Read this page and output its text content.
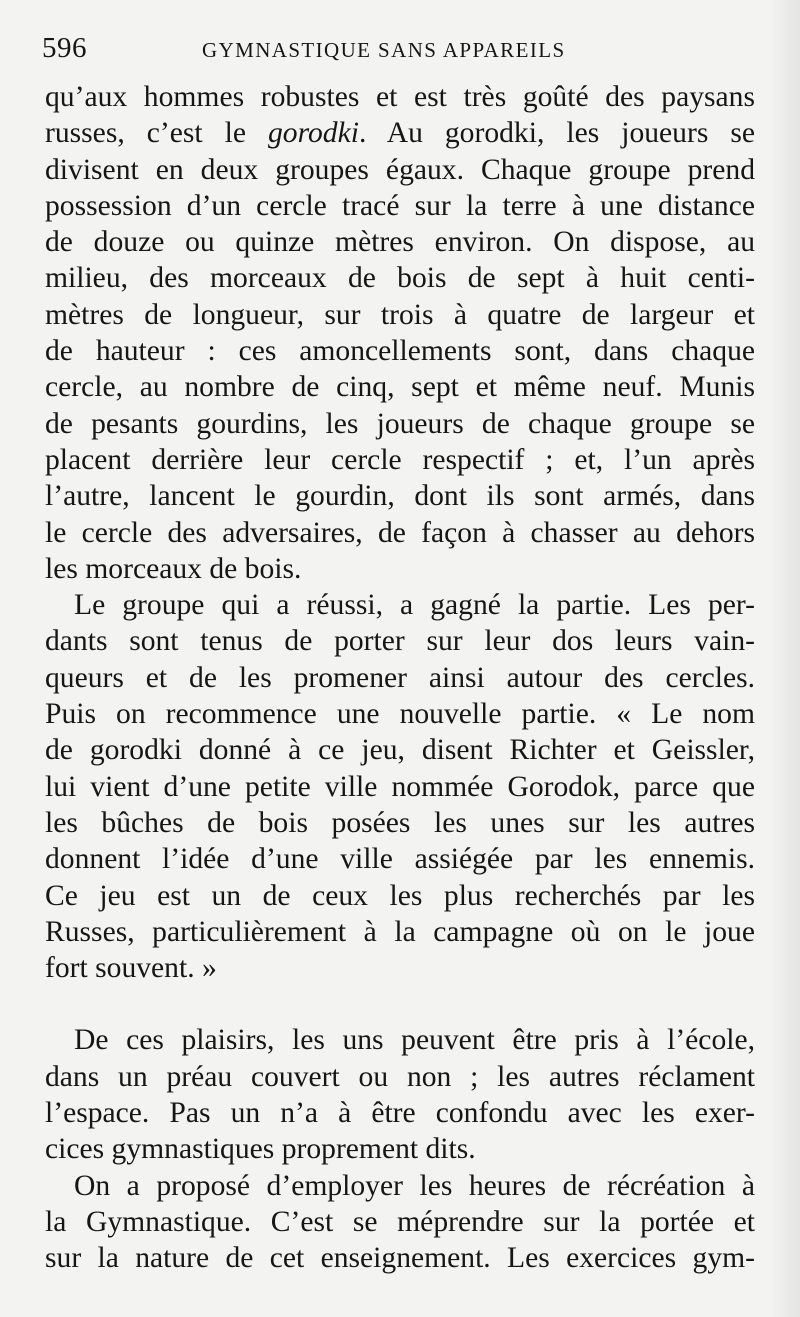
596	GYMNASTIQUE SANS APPAREILS
qu’aux hommes robustes et est très goûté des paysans
russes, c’est le gorodki. Au gorodki, les joueurs se
divisent en deux groupes égaux. Chaque groupe prend
possession d’un cercle tracé sur la terre à une distance
de douze ou quinze mètres environ. On dispose, au
milieu, des morceaux de bois de sept à huit centi-
mètres de longueur, sur trois à quatre de largeur et
de hauteur : ces amoncellements sont, dans chaque
cercle, au nombre de cinq, sept et même neuf. Munis
de pesants gourdins, les joueurs de chaque groupe se
placent derrière leur cercle respectif ; et, l’un après
l’autre, lancent le gourdin, dont ils sont armés, dans
le cercle des adversaires, de façon à chasser au dehors
les morceaux de bois.
Le groupe qui a réussi, a gagné la partie. Les per-
dants sont tenus de porter sur leur dos leurs vain-
queurs et de les promener ainsi autour des cercles.
Puis on recommence une nouvelle partie. « Le nom
de gorodki donné à ce jeu, disent Richter et Geissler,
lui vient d’une petite ville nommée Gorodok, parce que
les bûches de bois posées les unes sur les autres
donnent l’idée d’une ville assiégée par les ennemis.
Ce jeu est un de ceux les plus recherchés par les
Russes, particulièrement à la campagne où on le joue
fort souvent. »
De ces plaisirs, les uns peuvent être pris à l’école,
dans un préau couvert ou non ; les autres réclament
l’espace. Pas un n’a à être confondu avec les exer-
cices gymnastiques proprement dits.
On a proposé d’employer les heures de récréation à
la Gymnastique. C’est se méprendre sur la portée et
sur la nature de cet enseignement. Les exercices gym-
